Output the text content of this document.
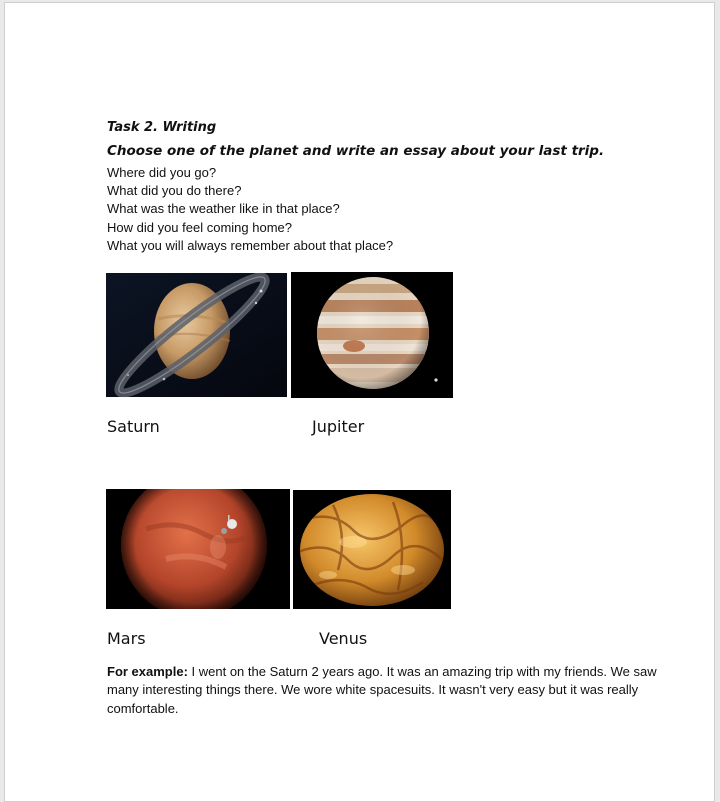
Task 2. Writing

Choose one of the planet and write an essay about your last trip.

Where did you go?
What did you do there?
What was the weather like in that place?
How did you feel coming home?
What you will always remember about that place?
Saturn	Jupiter
Mars	Venus

For example: I went on the Saturn 2 years ago. It was an amazing trip with my friends. We saw many interesting things there. We wore white spacesuits. It wasn't very easy but it was really comfortable.
